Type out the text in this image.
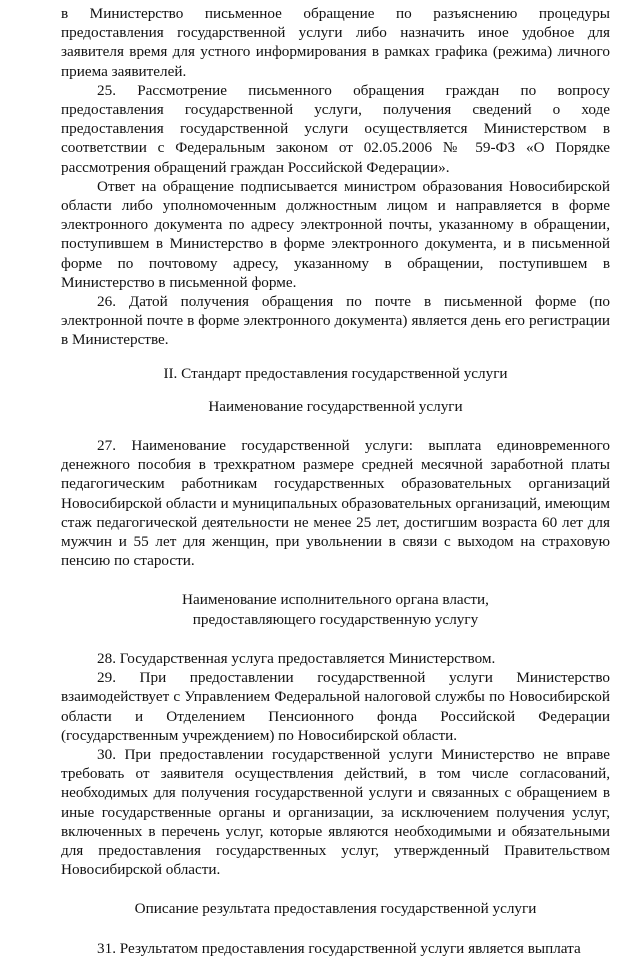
в Министерство письменное обращение по разъяснению процедуры предоставления государственной услуги либо назначить иное удобное для заявителя время для устного информирования в рамках графика (режима) личного приема заявителей.

25. Рассмотрение письменного обращения граждан по вопросу предоставления государственной услуги, получения сведений о ходе предоставления государственной услуги осуществляется Министерством в соответствии с Федеральным законом от 02.05.2006 № 59-ФЗ «О Порядке рассмотрения обращений граждан Российской Федерации».

Ответ на обращение подписывается министром образования Новосибирской области либо уполномоченным должностным лицом и направляется в форме электронного документа по адресу электронной почты, указанному в обращении, поступившем в Министерство в форме электронного документа, и в письменной форме по почтовому адресу, указанному в обращении, поступившем в Министерство в письменной форме.

26. Датой получения обращения по почте в письменной форме (по электронной почте в форме электронного документа) является день его регистрации в Министерстве.

II. Стандарт предоставления государственной услуги

Наименование государственной услуги

27. Наименование государственной услуги: выплата единовременного денежного пособия в трехкратном размере средней месячной заработной платы педагогическим работникам государственных образовательных организаций Новосибирской области и муниципальных образовательных организаций, имеющим стаж педагогической деятельности не менее 25 лет, достигшим возраста 60 лет для мужчин и 55 лет для женщин, при увольнении в связи с выходом на страховую пенсию по старости.

Наименование исполнительного органа власти,

предоставляющего государственную услугу

28. Государственная услуга предоставляется Министерством.

29. При предоставлении государственной услуги Министерство взаимодействует с Управлением Федеральной налоговой службы по Новосибирской области и Отделением Пенсионного фонда Российской Федерации (государственным учреждением) по Новосибирской области.

30. При предоставлении государственной услуги Министерство не вправе требовать от заявителя осуществления действий, в том числе согласований, необходимых для получения государственной услуги и связанных с обращением в иные государственные органы и организации, за исключением получения услуг, включенных в перечень услуг, которые являются необходимыми и обязательными для предоставления государственных услуг, утвержденный Правительством Новосибирской области.

Описание результата предоставления государственной услуги

31. Результатом предоставления государственной услуги является выплата
